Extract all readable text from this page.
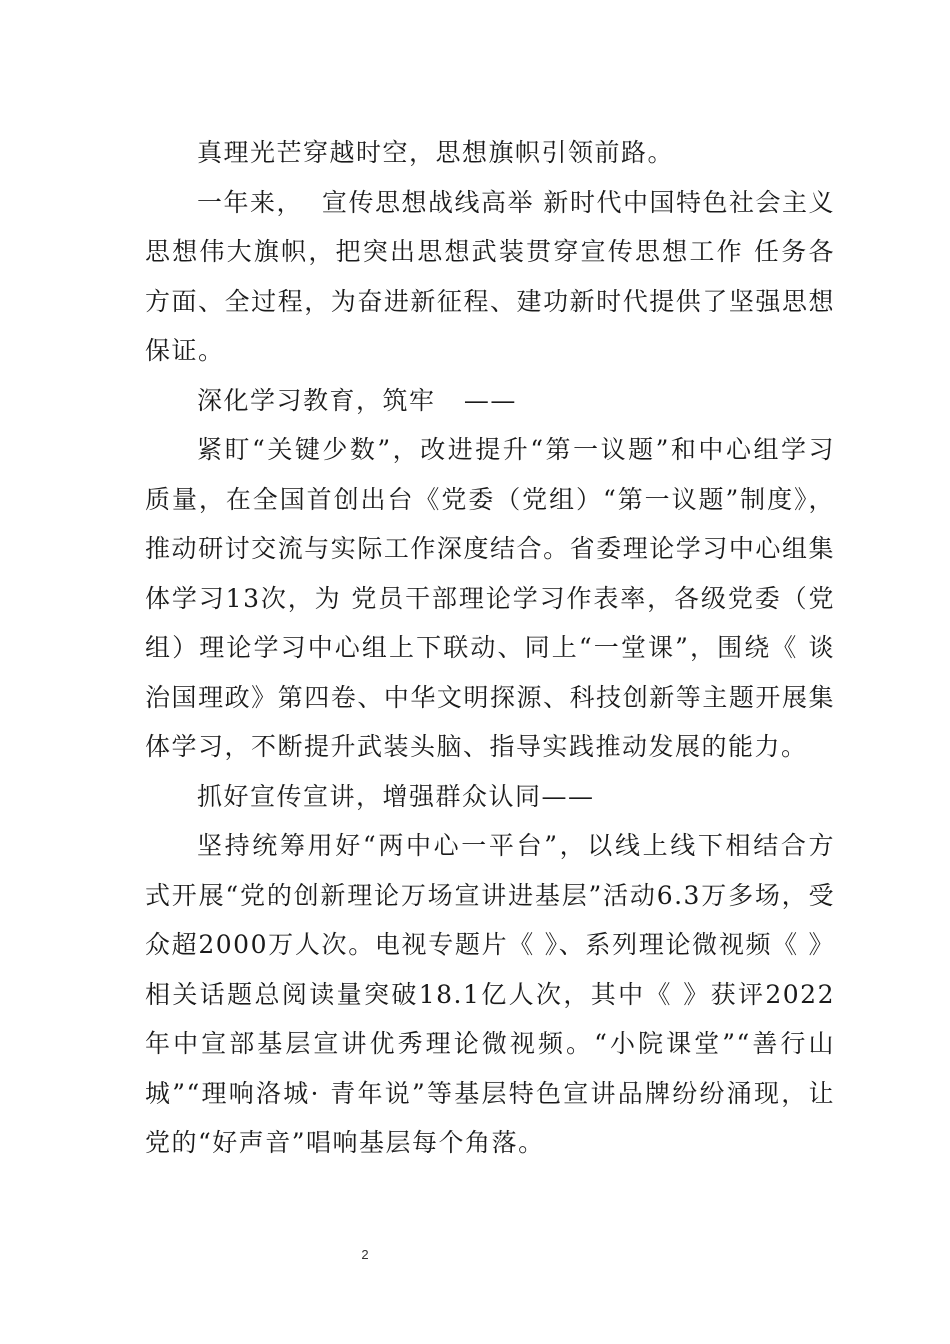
真理光芒穿越时空，思想旗帜引领前路。

一年来，  宣传思想战线高举 新时代中国特色社会主义思想伟大旗帜，把突出思想武装贯穿宣传思想工作 任务各方面、全过程，为奋进新征程、建功新时代提供了坚强思想保证。

深化学习教育，筑牢   ——

紧盯“关键少数”，改进提升“第一议题”和中心组学习质量，在全国首创出台《党委（党组）“第一议题”制度》，推动研讨交流与实际工作深度结合。省委理论学习中心组集体学习13次，为 党员干部理论学习作表率，各级党委（党组）理论学习中心组上下联动、同上“一堂课”，围绕《 谈治国理政》第四卷、中华文明探源、科技创新等主题开展集体学习，不断提升武装头脑、指导实践推动发展的能力。

抓好宣传宣讲，增强群众认同——

坚持统筹用好“两中心一平台”，以线上线下相结合方式开展“党的创新理论万场宣讲进基层”活动6.3万多场，受众超2000万人次。电视专题片《 》、系列理论微视频《 》相关话题总阅读量突破18.1亿人次，其中《 》获评2022年中宣部基层宣讲优秀理论微视频。“小院课堂”“善行山城”“理响洛城· 青年说”等基层特色宣讲品牌纷纷涌现，让党的“好声音”唱响基层每个角落。

2
